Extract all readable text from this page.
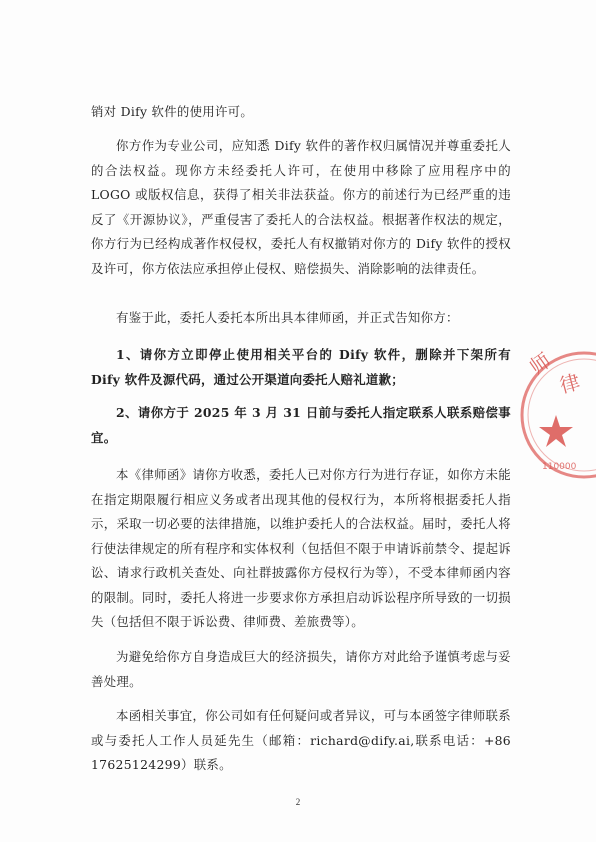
销对 Dify 软件的使用许可。

你方作为专业公司，应知悉 Dify 软件的著作权归属情况并尊重委托人的合法权益。现你方未经委托人许可，在使用中移除了应用程序中的 LOGO 或版权信息，获得了相关非法获益。你方的前述行为已经严重的违反了《开源协议》，严重侵害了委托人的合法权益。根据著作权法的规定，你方行为已经构成著作权侵权，委托人有权撤销对你方的 Dify 软件的授权及许可，你方依法应承担停止侵权、赔偿损失、消除影响的法律责任。

有鉴于此，委托人委托本所出具本律师函，并正式告知你方：

1、请你方立即停止使用相关平台的 Dify 软件，删除并下架所有 Dify 软件及源代码，通过公开渠道向委托人赔礼道歉；

2、请你方于 2025 年 3 月 31 日前与委托人指定联系人联系赔偿事宜。

本《律师函》请你方收悉，委托人已对你方行为进行存证，如你方未能在指定期限履行相应义务或者出现其他的侵权行为，本所将根据委托人指示，采取一切必要的法律措施，以维护委托人的合法权益。届时，委托人将行使法律规定的所有程序和实体权利（包括但不限于申请诉前禁令、提起诉讼、请求行政机关查处、向社群披露你方侵权行为等），不受本律师函内容的限制。同时，委托人将进一步要求你方承担启动诉讼程序所导致的一切损失（包括但不限于诉讼费、律师费、差旅费等）。

为避免给你方自身造成巨大的经济损失，请你方对此给予谨慎考虑与妥善处理。

本函相关事宜，你公司如有任何疑问或者异议，可与本函签字律师联系或与委托人工作人员延先生（邮箱：richard@dify.ai,联系电话：+86 17625124299）联系。

2
律
师
110000
